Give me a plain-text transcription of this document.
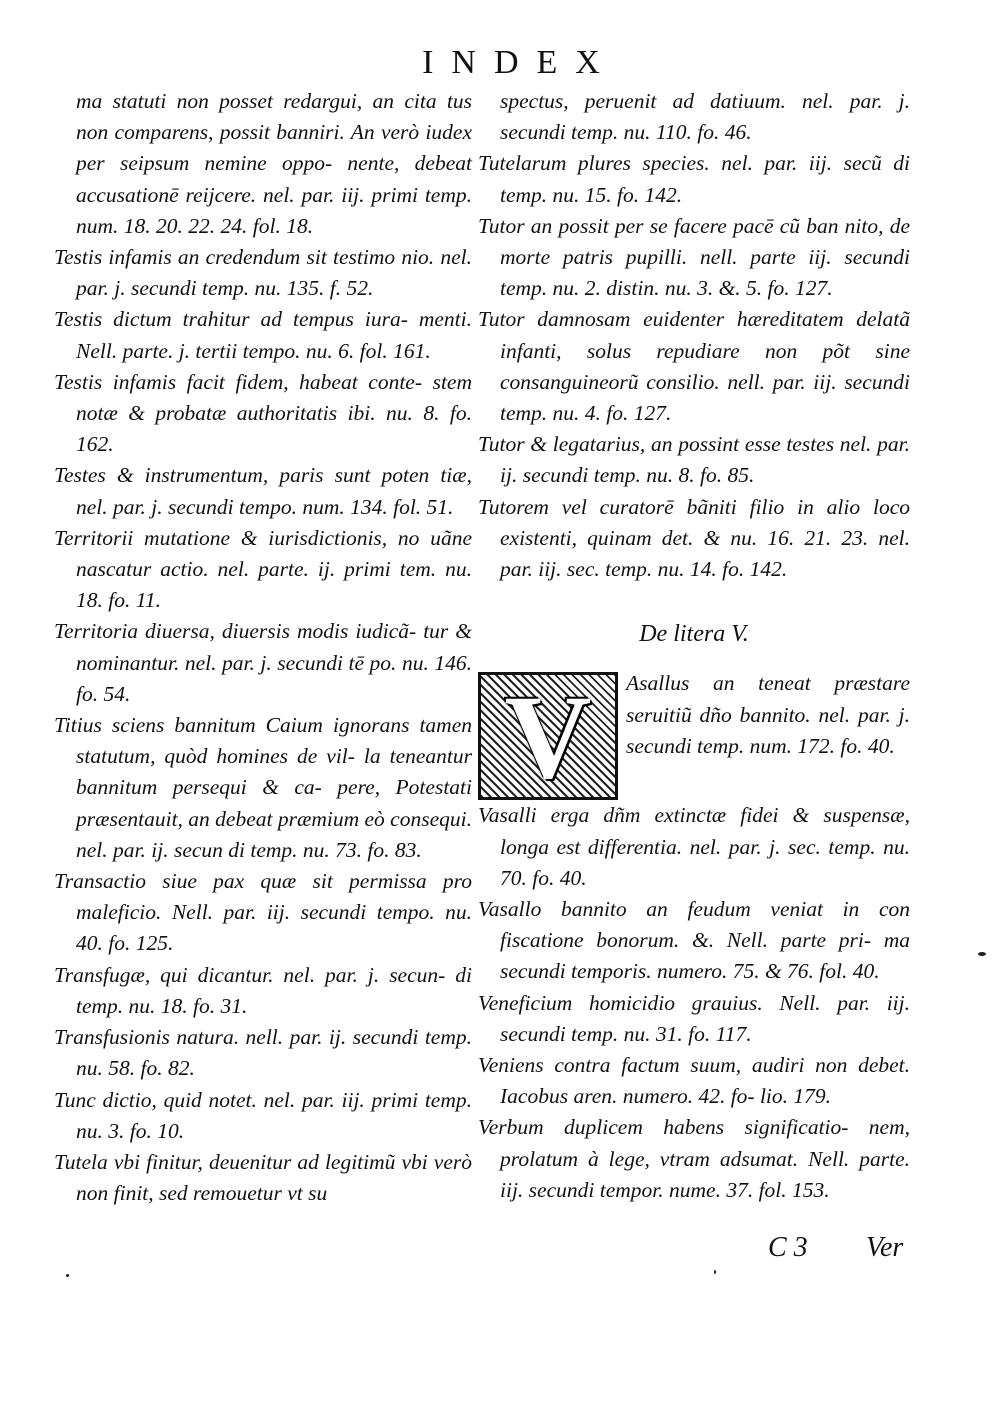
INDEX

ma statuti non posset redargui, an cita tus non comparens, possit banniri. An verò iudex per seipsum nemine oppo- nente, debeat accusationē reijcere. nel. par. iij. primi temp. num. 18. 20. 22. 24. fol. 18.

Testis infamis an credendum sit testimo nio. nel. par. j. secundi temp. nu. 135. f. 52.

Testis dictum trahitur ad tempus iura- menti. Nell. parte. j. tertii tempo. nu. 6. fol. 161.

Testis infamis facit fidem, habeat conte- stem notæ & probatæ authoritatis ibi. nu. 8. fo. 162.

Testes & instrumentum, paris sunt poten tiæ, nel. par. j. secundi tempo. num. 134. fol. 51.

Territorii mutatione & iurisdictionis, no uãne nascatur actio. nel. parte. ij. primi tem. nu. 18. fo. 11.

Territoria diuersa, diuersis modis iudicã- tur & nominantur. nel. par. j. secundi tē po. nu. 146. fo. 54.

Titius sciens bannitum Caium ignorans tamen statutum, quòd homines de vil- la teneantur bannitum persequi & ca- pere, Potestati præsentauit, an debeat præmium eò consequi. nel. par. ij. secun di temp. nu. 73. fo. 83.

Transactio siue pax quæ sit permissa pro maleficio. Nell. par. iij. secundi tempo. nu. 40. fo. 125.

Transfugæ, qui dicantur. nel. par. j. secun- di temp. nu. 18. fo. 31.

Transfusionis natura. nell. par. ij. secundi temp. nu. 58. fo. 82.

Tunc dictio, quid notet. nel. par. iij. primi temp. nu. 3. fo. 10.

Tutela vbi finitur, deuenitur ad legitimũ vbi verò non finit, sed remouetur vt su

spectus, peruenit ad datiuum. nel. par. j. secundi temp. nu. 110. fo. 46.

Tutelarum plures species. nel. par. iij. secũ di temp. nu. 15. fo. 142.

Tutor an possit per se facere pacē cũ ban nito, de morte patris pupilli. nell. parte iij. secundi temp. nu. 2. distin. nu. 3. &. 5. fo. 127.

Tutor damnosam euidenter hæreditatem delatã infanti, solus repudiare non põt sine consanguineorũ consilio. nell. par. iij. secundi temp. nu. 4. fo. 127.

Tutor & legatarius, an possint esse testes nel. par. ij. secundi temp. nu. 8. fo. 85.

Tutorem vel curatorē bãniti filio in alio loco existenti, quinam det. & nu. 16. 21. 23. nel. par. iij. sec. temp. nu. 14. fo. 142.

De litera V.
V	Asallus an teneat præstare seruitiũ dño bannito. nel. par. j. secundi temp. num. 172. fo. 40.

Vasalli erga dñm extinctæ fidei & suspensæ, longa est differentia. nel. par. j. sec. temp. nu. 70. fo. 40.

Vasallo bannito an feudum veniat in con fiscatione bonorum. &. Nell. parte pri- ma secundi temporis. numero. 75. & 76. fol. 40.

Veneficium homicidio grauius. Nell. par. iij. secundi temp. nu. 31. fo. 117.

Veniens contra factum suum, audiri non debet. Iacobus aren. numero. 42. fo- lio. 179.

Verbum duplicem habens significatio- nem, prolatum à lege, vtram adsumat. Nell. parte. iij. secundi tempor. nume. 37. fol. 153.

C 3 Ver
